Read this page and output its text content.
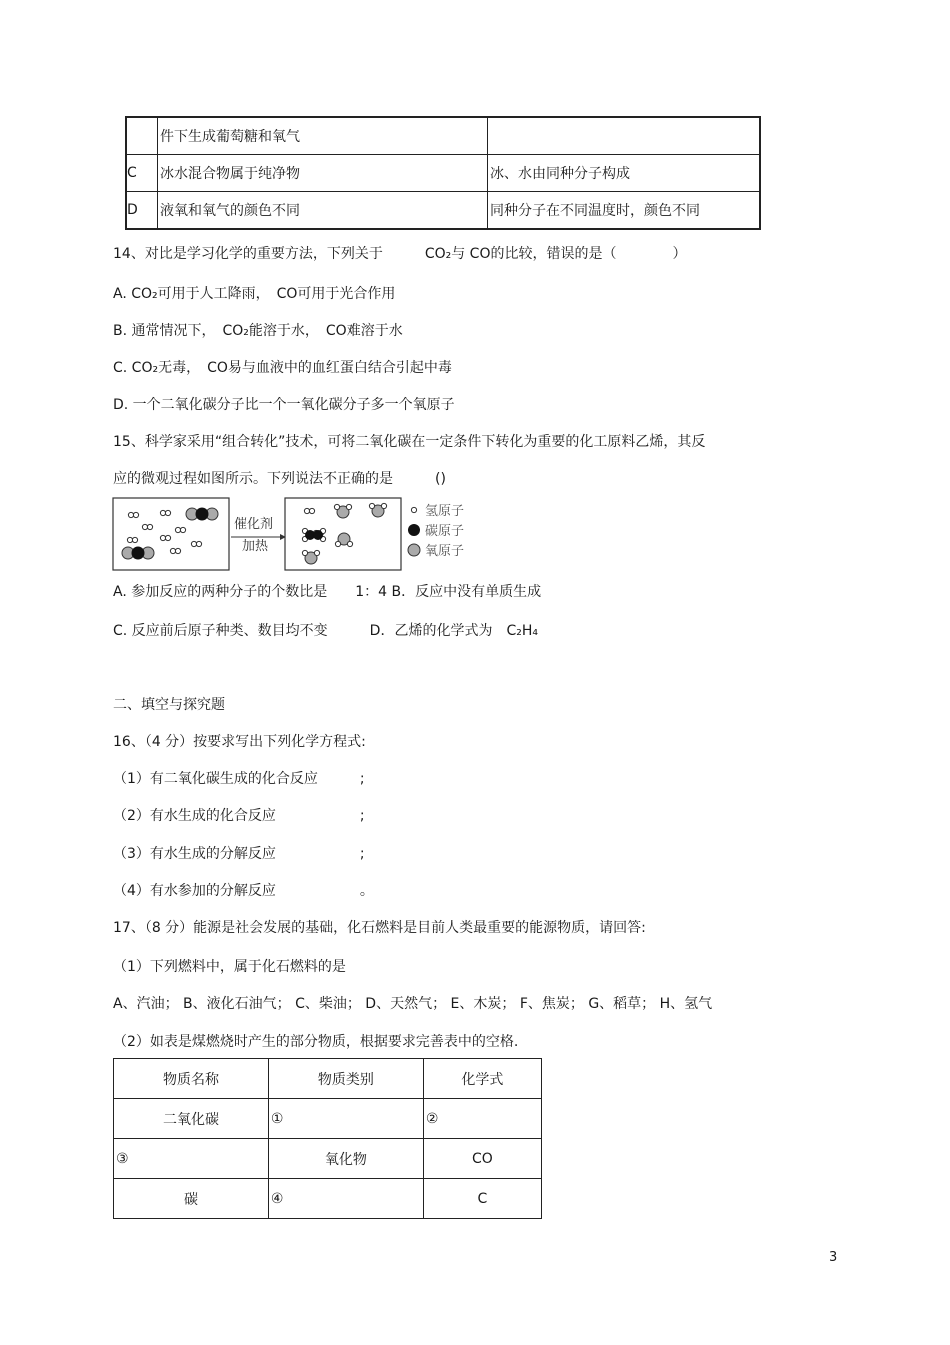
	件下生成葡萄糖和氧气	
C	冰水混合物属于纯净物	冰、水由同种分子构成
D	液氧和氧气的颜色不同	同种分子在不同温度时，颜色不同
14、对比是学习化学的重要方法，下列关于　　　CO₂与 CO的比较，错误的是（　　　　）
A. CO₂可用于人工降雨，　CO可用于光合作用
B. 通常情况下，　CO₂能溶于水，　CO难溶于水
C. CO₂无毒，　CO易与血液中的血红蛋白结合引起中毒
D. 一个二氧化碳分子比一个一氧化碳分子多一个氧原子
15、科学家采用“组合转化”技术，可将二氧化碳在一定条件下转化为重要的化工原料乙烯，其反
应的微观过程如图所示。下列说法不正确的是　　　()
催化剂
加热
氢原子
碳原子
氧原子
A. 参加反应的两种分子的个数比是　　1：4 B．反应中没有单质生成
C. 反应前后原子种类、数目均不变　　　D．乙烯的化学式为　C₂H₄
二、填空与探究题
16、（4 分）按要求写出下列化学方程式:
（1）有二氧化碳生成的化合反应　　　;
（2）有水生成的化合反应　　　　　　;
（3）有水生成的分解反应　　　　　　;
（4）有水参加的分解反应　　　　　　。
17、（8 分）能源是社会发展的基础，化石燃料是目前人类最重要的能源物质，请回答:
（1）下列燃料中，属于化石燃料的是
A、汽油； B、液化石油气； C、柴油； D、天然气； E、木炭； F、焦炭； G、稻草； H、氢气
（2）如表是煤燃烧时产生的部分物质，根据要求完善表中的空格.
物质名称	物质类别	化学式
二氧化碳	①	②
③	氧化物	CO
碳	④	C
3
